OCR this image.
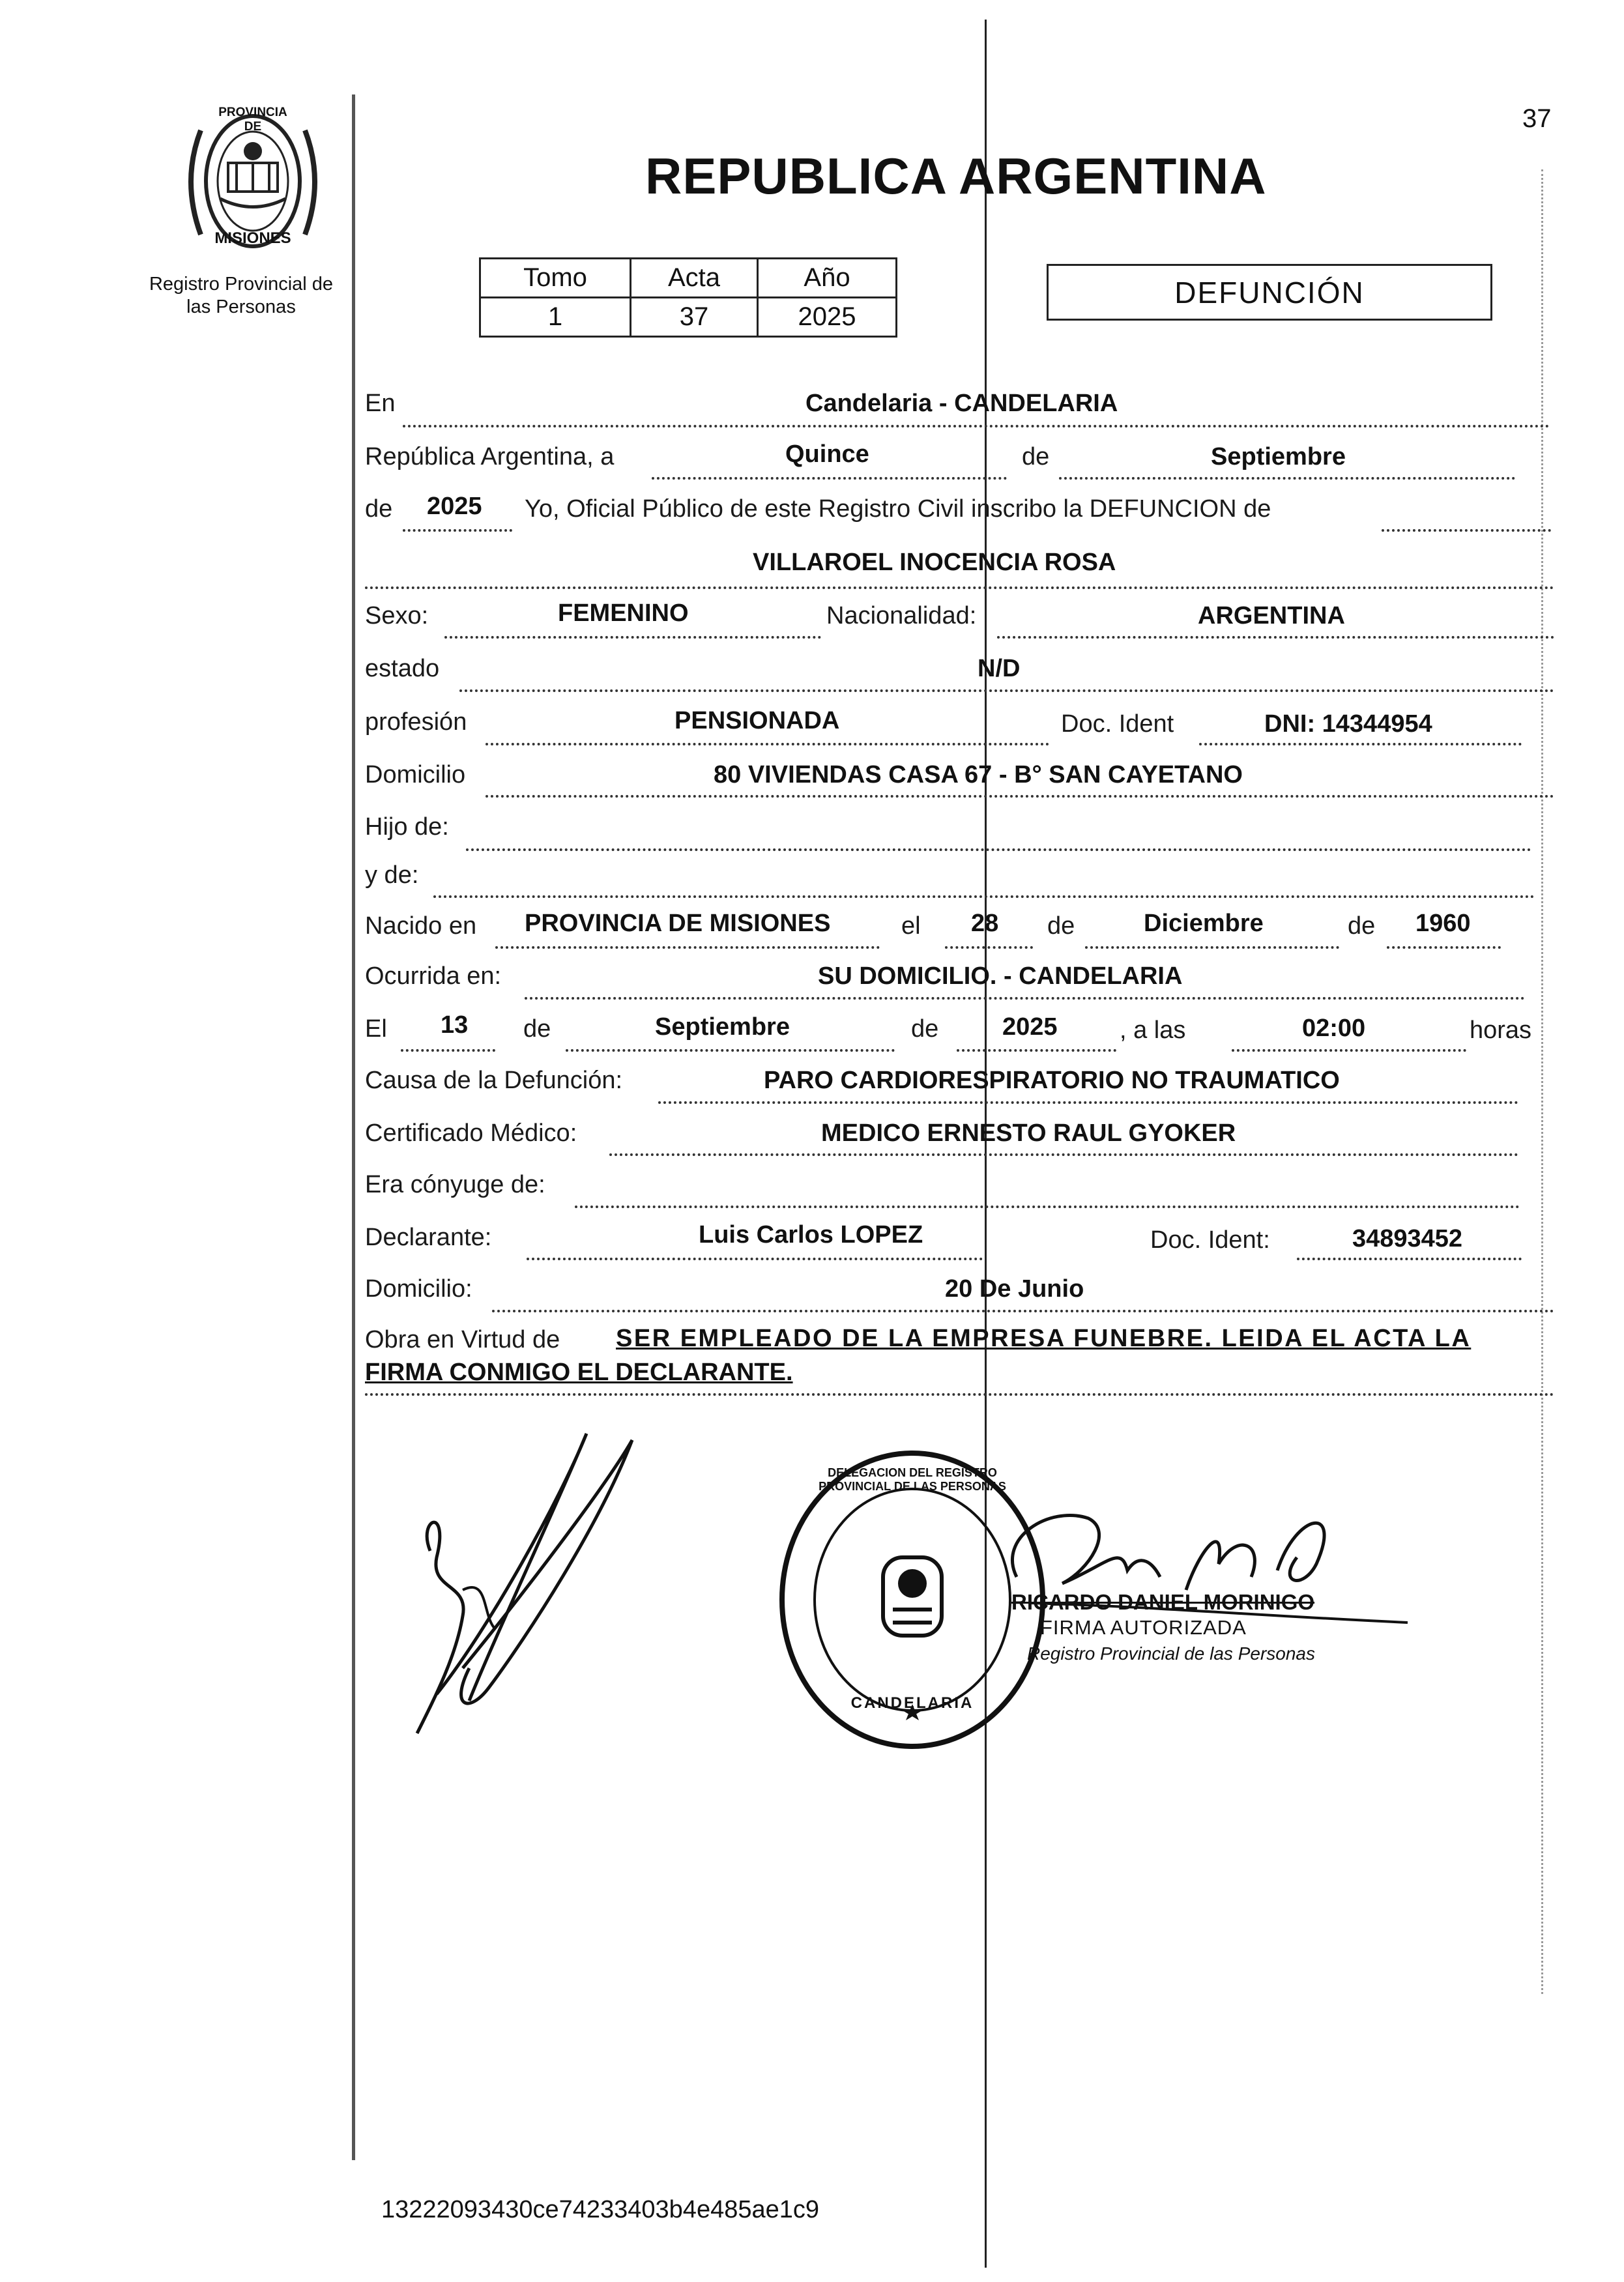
PROVINCIA DE
MISIONES
Registro Provincial de
las Personas
37
REPUBLICA ARGENTINA
Tomo	Acta	Año
1	37	2025
DEFUNCIÓN
En	Candelaria - CANDELARIA
República Argentina, a	Quince	de	Septiembre
de 2025 Yo, Oficial Público de este Registro Civil inscribo la DEFUNCION de
VILLAROEL INOCENCIA ROSA
Sexo:	FEMENINO	Nacionalidad:	ARGENTINA
estado	N/D
profesión	PENSIONADA	Doc. Ident	DNI: 14344954
Domicilio	80 VIVIENDAS CASA 67 - B° SAN CAYETANO
Hijo de:
y de:
Nacido en PROVINCIA DE MISIONES	el 28 de	Diciembre	de 1960
Ocurrida en:	SU DOMICILIO. - CANDELARIA
El 13 de	Septiembre	de	2025	, a las	02:00	horas
Causa de la Defunción:	PARO CARDIORESPIRATORIO NO TRAUMATICO
Certificado Médico:	MEDICO ERNESTO RAUL GYOKER
Era cónyuge de:
Declarante:	Luis Carlos LOPEZ	Doc. Ident:	34893452
Domicilio:	20 De Junio
Obra en Virtud de SER EMPLEADO DE LA EMPRESA FUNEBRE. LEIDA EL ACTA LA
FIRMA CONMIGO EL DECLARANTE.
DELEGACION DEL REGISTRO PROVINCIAL DE LAS PERSONAS
CANDELARIA
RICARDO DANIEL MORINIGO
FIRMA AUTORIZADA
Registro Provincial de las Personas
13222093430ce74233403b4e485ae1c9
